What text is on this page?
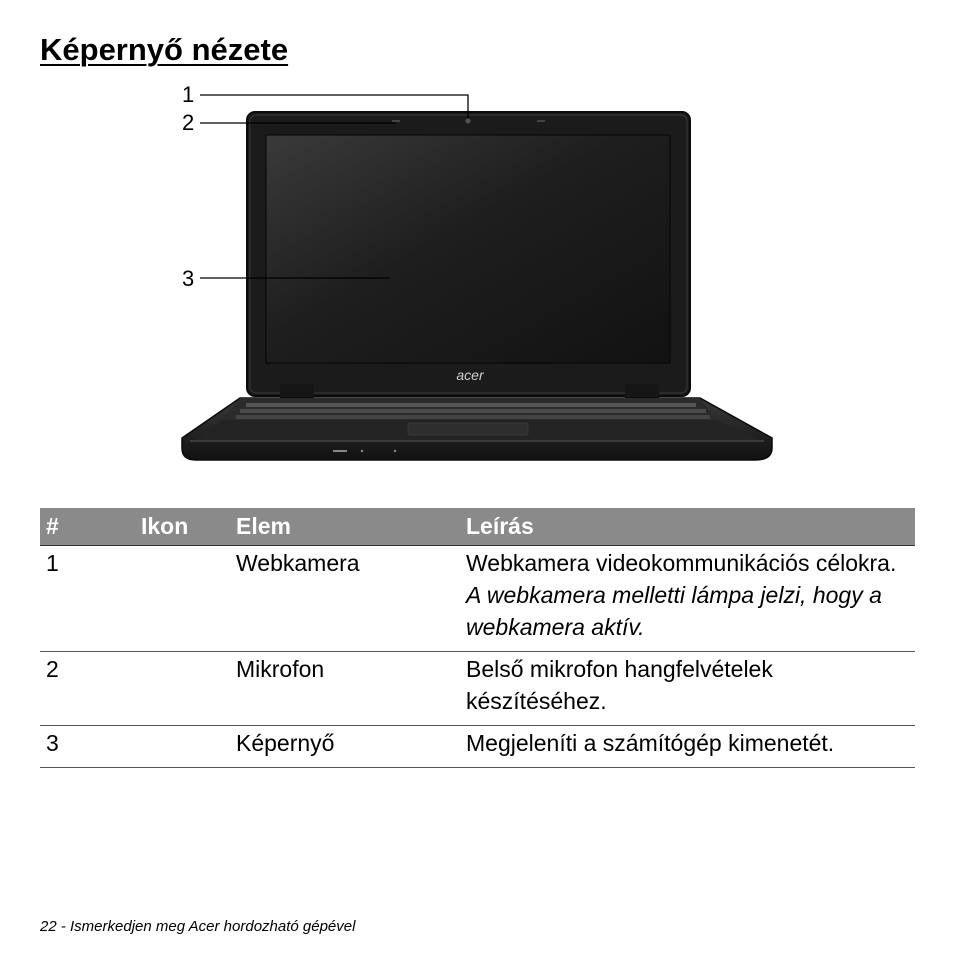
Képernyő nézete
acer
1
2
3
#	Ikon	Elem	Leírás
1		Webkamera	Webkamera videokommunikációs célokra.
A webkamera melletti lámpa jelzi, hogy a webkamera aktív.

2		Mikrofon	Belső mikrofon hangfelvételek készítéséhez.
3		Képernyő	Megjeleníti a számítógép kimenetét.
22 - Ismerkedjen meg Acer hordozható gépével
